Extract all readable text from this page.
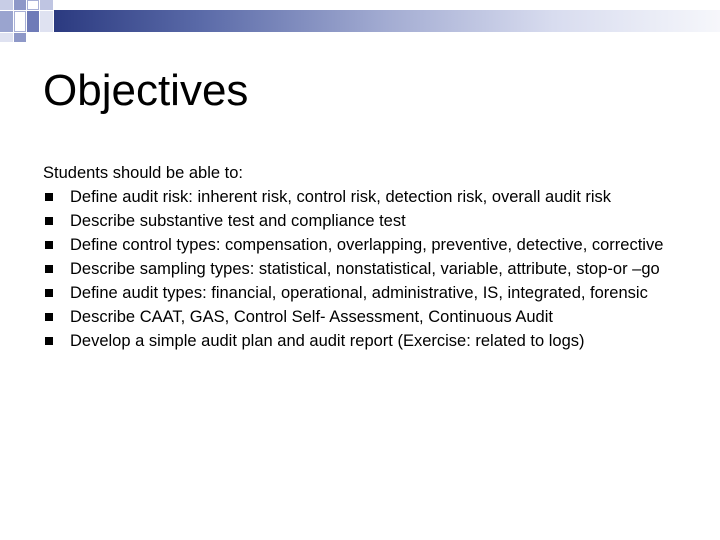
Objectives

Students should be able to:

Define audit risk: inherent risk, control risk, detection risk, overall audit risk
Describe substantive test and compliance test
Define control types: compensation, overlapping, preventive, detective, corrective
Describe sampling types: statistical, nonstatistical, variable, attribute, stop-or –go
Define audit types: financial, operational, administrative, IS, integrated, forensic
Describe CAAT, GAS, Control Self- Assessment, Continuous Audit
Develop a simple audit plan and audit report (Exercise: related to logs)
